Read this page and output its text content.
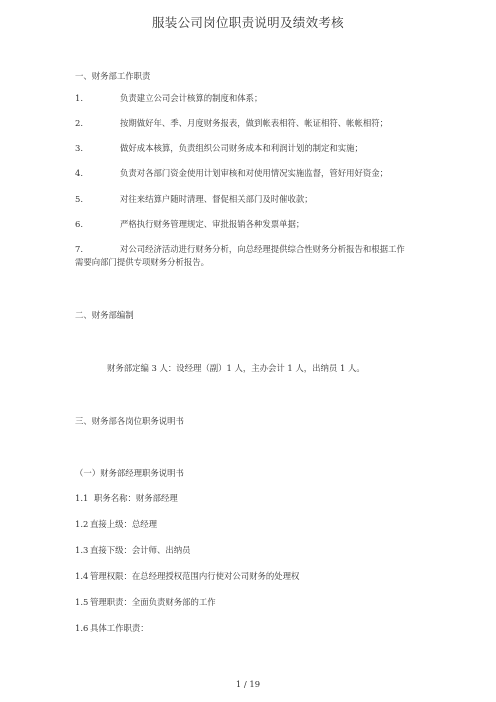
服装公司岗位职责说明及绩效考核
一、财务部工作职责
1.	负责建立公司会计核算的制度和体系；
2.	按期做好年、季、月度财务报表，做到帐表相符、帐证相符、帐帐相符；
3.	做好成本核算，负责组织公司财务成本和利润计划的制定和实施；
4.	负责对各部门资金使用计划审核和对使用情况实施监督，管好用好资金；
5.	对往来结算户随时清理、督促相关部门及时催收款；
6.	严格执行财务管理规定、审批报销各种发票单据；
7.	对公司经济活动进行财务分析，向总经理提供综合性财务分析报告和根据工作
需要向部门提供专项财务分析报告。
二、财务部编制
财务部定编 3 人：设经理（副）1 人，主办会计 1 人，出纳员 1 人。
三、财务部各岗位职务说明书
（一）财务部经理职务说明书
1.1 职务名称：财务部经理
1.2 直接上级：总经理
1.3 直接下级：会计师、出纳员
1.4 管理权限：在总经理授权范围内行使对公司财务的处理权
1.5 管理职责：全面负责财务部的工作
1.6 具体工作职责：
1 / 19
